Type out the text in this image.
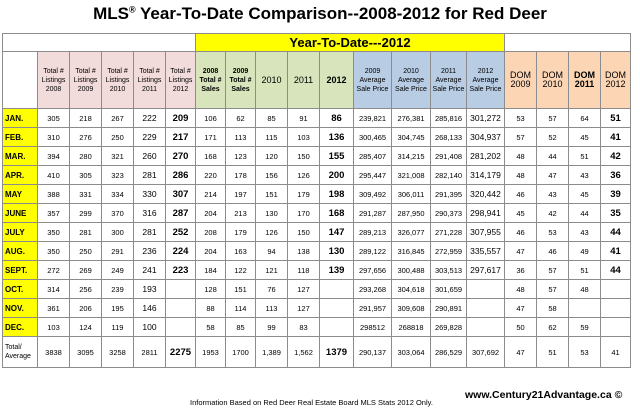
MLS® Year-To-Date Comparison--2008-2012 for Red Deer
						Year-To-Date---2012												
	Total # Listings 2008	Total # Listings 2009	Total # Listings 2010	Total # Listings 2011	Total # Listings 2012	2008 Total # Sales	2009 Total # Sales	2010	2011	2012	2009 Average Sale Price	2010 Average Sale Price	2011 Average Sale Price	2012 Average Sale Price	DOM 2009	DOM 2010	DOM 2011	DOM 2012
JAN.	305	218	267	222	209	106	62	85	91	86	239,821	276,381	285,816	301,272	53	57	64	51
FEB.	310	276	250	229	217	171	113	115	103	136	300,465	304,745	268,133	304,937	57	52	45	41
MAR.	394	280	321	260	270	168	123	120	150	155	285,407	314,215	291,408	281,202	48	44	51	42
APR.	410	305	323	281	286	220	178	156	126	200	295,447	321,008	282,140	314,179	48	47	43	36
MAY	388	331	334	330	307	214	197	151	179	198	309,492	306,011	291,395	320,442	46	43	45	39
JUNE	357	299	370	316	287	204	213	130	170	168	291,287	287,950	290,373	298,941	45	42	44	35
JULY	350	281	300	281	252	208	179	126	150	147	289,213	326,077	271,228	307,955	46	53	43	44
AUG.	350	250	291	236	224	204	163	94	138	130	289,122	316,845	272,959	335,557	47	46	49	41
SEPT.	272	269	249	241	223	184	122	121	118	139	297,656	300,488	303,513	297,617	36	57	51	44
OCT.	314	256	239	193		128	151	76	127		293,268	304,618	301,659		48	57	48	
NOV.	361	206	195	146		88	114	113	127		291,957	309,608	290,891		47	58		
DEC.	103	124	119	100		58	85	99	83		298512	268818	269,828		50	62	59	
Total/ Average	3838	3095	3258	2811	2275	1953	1700	1,389	1,562	1379	290,137	303,064	286,529	307,692	47	51	53	41
www.Century21Advantage.ca ©
Information Based on Red Deer Real Estate Board MLS Stats 2012 Only.
